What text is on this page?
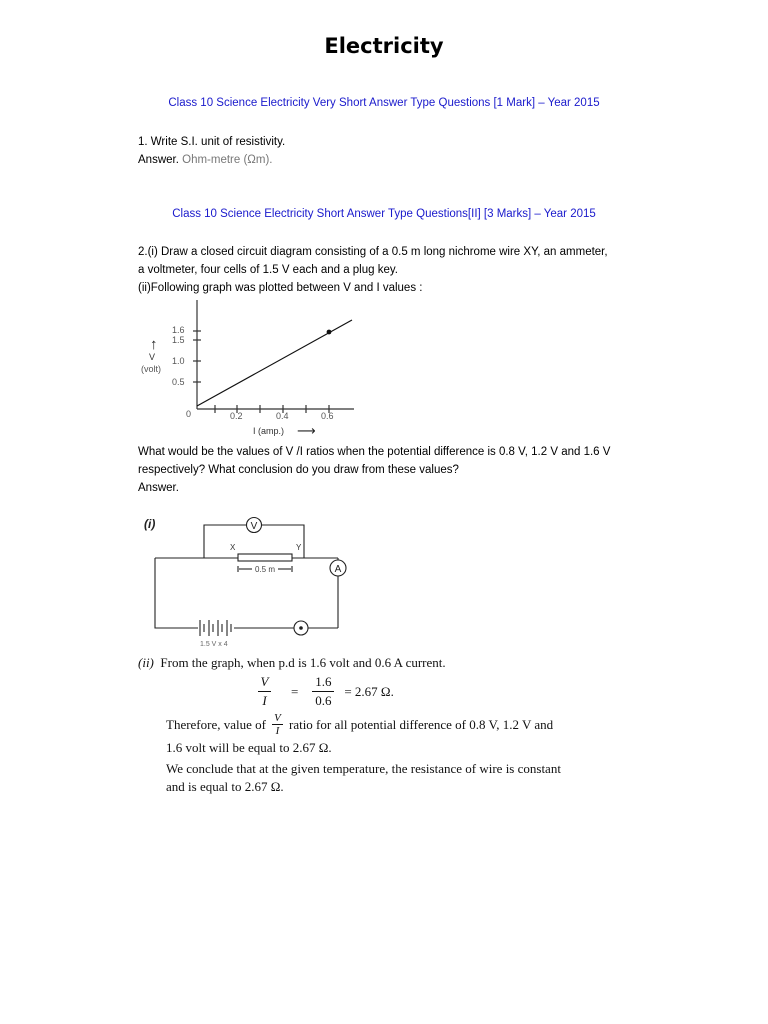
Electricity
Class 10 Science Electricity Very Short Answer Type Questions [1 Mark] – Year 2015
1. Write S.I. unit of resistivity.
Answer. Ohm-metre (Ωm).
Class 10 Science Electricity Short Answer Type Questions[II] [3 Marks] – Year 2015
2.(i) Draw a closed circuit diagram consisting of a 0.5 m long nichrome wire XY, an ammeter,
a voltmeter, four cells of 1.5 V each and a plug key.
(ii)Following graph was plotted between V and I values :
↑
V
(volt)
1.6
1.5
1.0
0.5
0	0.2	0.4	0.6
I (amp.) ⟶
What would be the values of V /I ratios when the potential difference is 0.8 V, 1.2 V and 1.6 V
respectively? What conclusion do you draw from these values?
Answer.
(i)	V
A
X	Y
0.5 m
1.5 V x 4
(ii) From the graph, when p.d is 1.6 volt and 0.6 A current.
V
I
=
1.6
0.6
= 2.67 Ω.
Therefore, value of V
I ratio for all potential difference of 0.8 V, 1.2 V and
1.6 volt will be equal to 2.67 Ω.
We conclude that at the given temperature, the resistance of wire is constant
and is equal to 2.67 Ω.
